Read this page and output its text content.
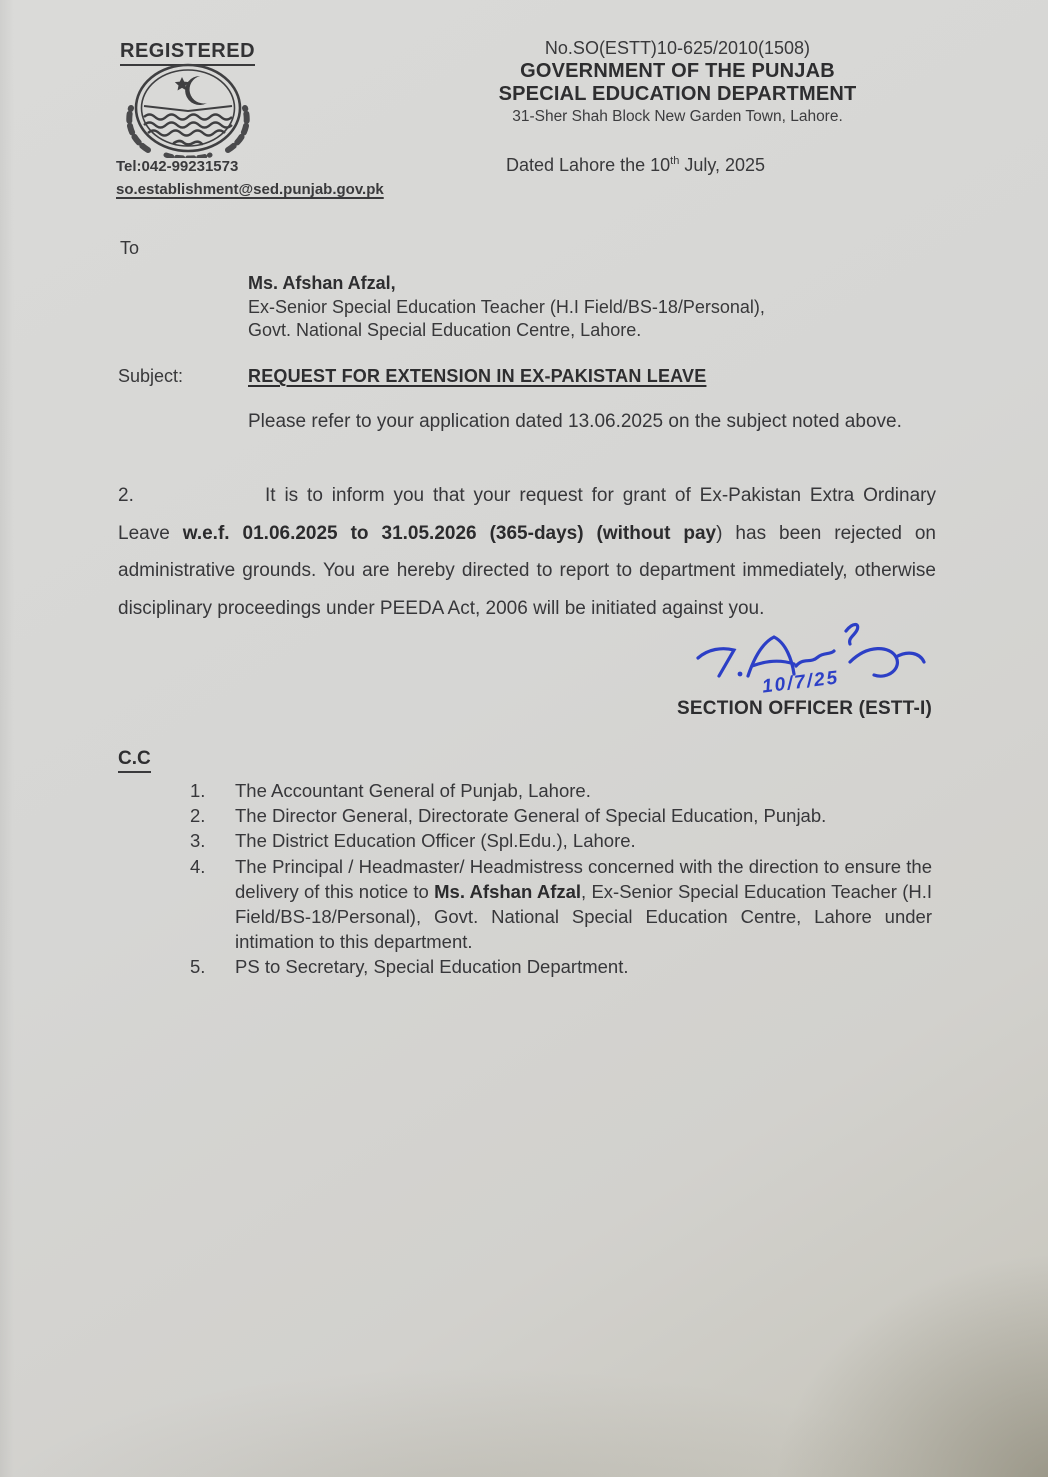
REGISTERED
Tel:042-99231573
so.establishment@sed.punjab.gov.pk
No.SO(ESTT)10-625/2010(1508)
GOVERNMENT OF THE PUNJAB
SPECIAL EDUCATION DEPARTMENT
31-Sher Shah Block New Garden Town, Lahore.
Dated Lahore the 10th July, 2025
To
Ms. Afshan Afzal,
Ex-Senior Special Education Teacher (H.I Field/BS-18/Personal),
Govt. National Special Education Centre, Lahore.
Subject:	REQUEST FOR EXTENSION IN EX-PAKISTAN LEAVE

Please refer to your application dated 13.06.2025 on the subject noted above.

2.	It is to inform you that your request for grant of Ex-Pakistan Extra Ordinary Leave w.e.f. 01.06.2025 to 31.05.2026 (365-days) (without pay) has been rejected on administrative grounds. You are hereby directed to report to department immediately, otherwise disciplinary proceedings under PEEDA Act, 2006 will be initiated against you.

10/7/25
SECTION OFFICER (ESTT-I)
C.C
1.	The Accountant General of Punjab, Lahore.
2.	The Director General, Directorate General of Special Education, Punjab.
3.	The District Education Officer (Spl.Edu.), Lahore.
4.	The Principal / Headmaster/ Headmistress concerned with the direction to ensure the delivery of this notice to Ms. Afshan Afzal, Ex-Senior Special Education Teacher (H.I Field/BS-18/Personal), Govt. National Special Education Centre, Lahore under intimation to this department.
5.	PS to Secretary, Special Education Department.
